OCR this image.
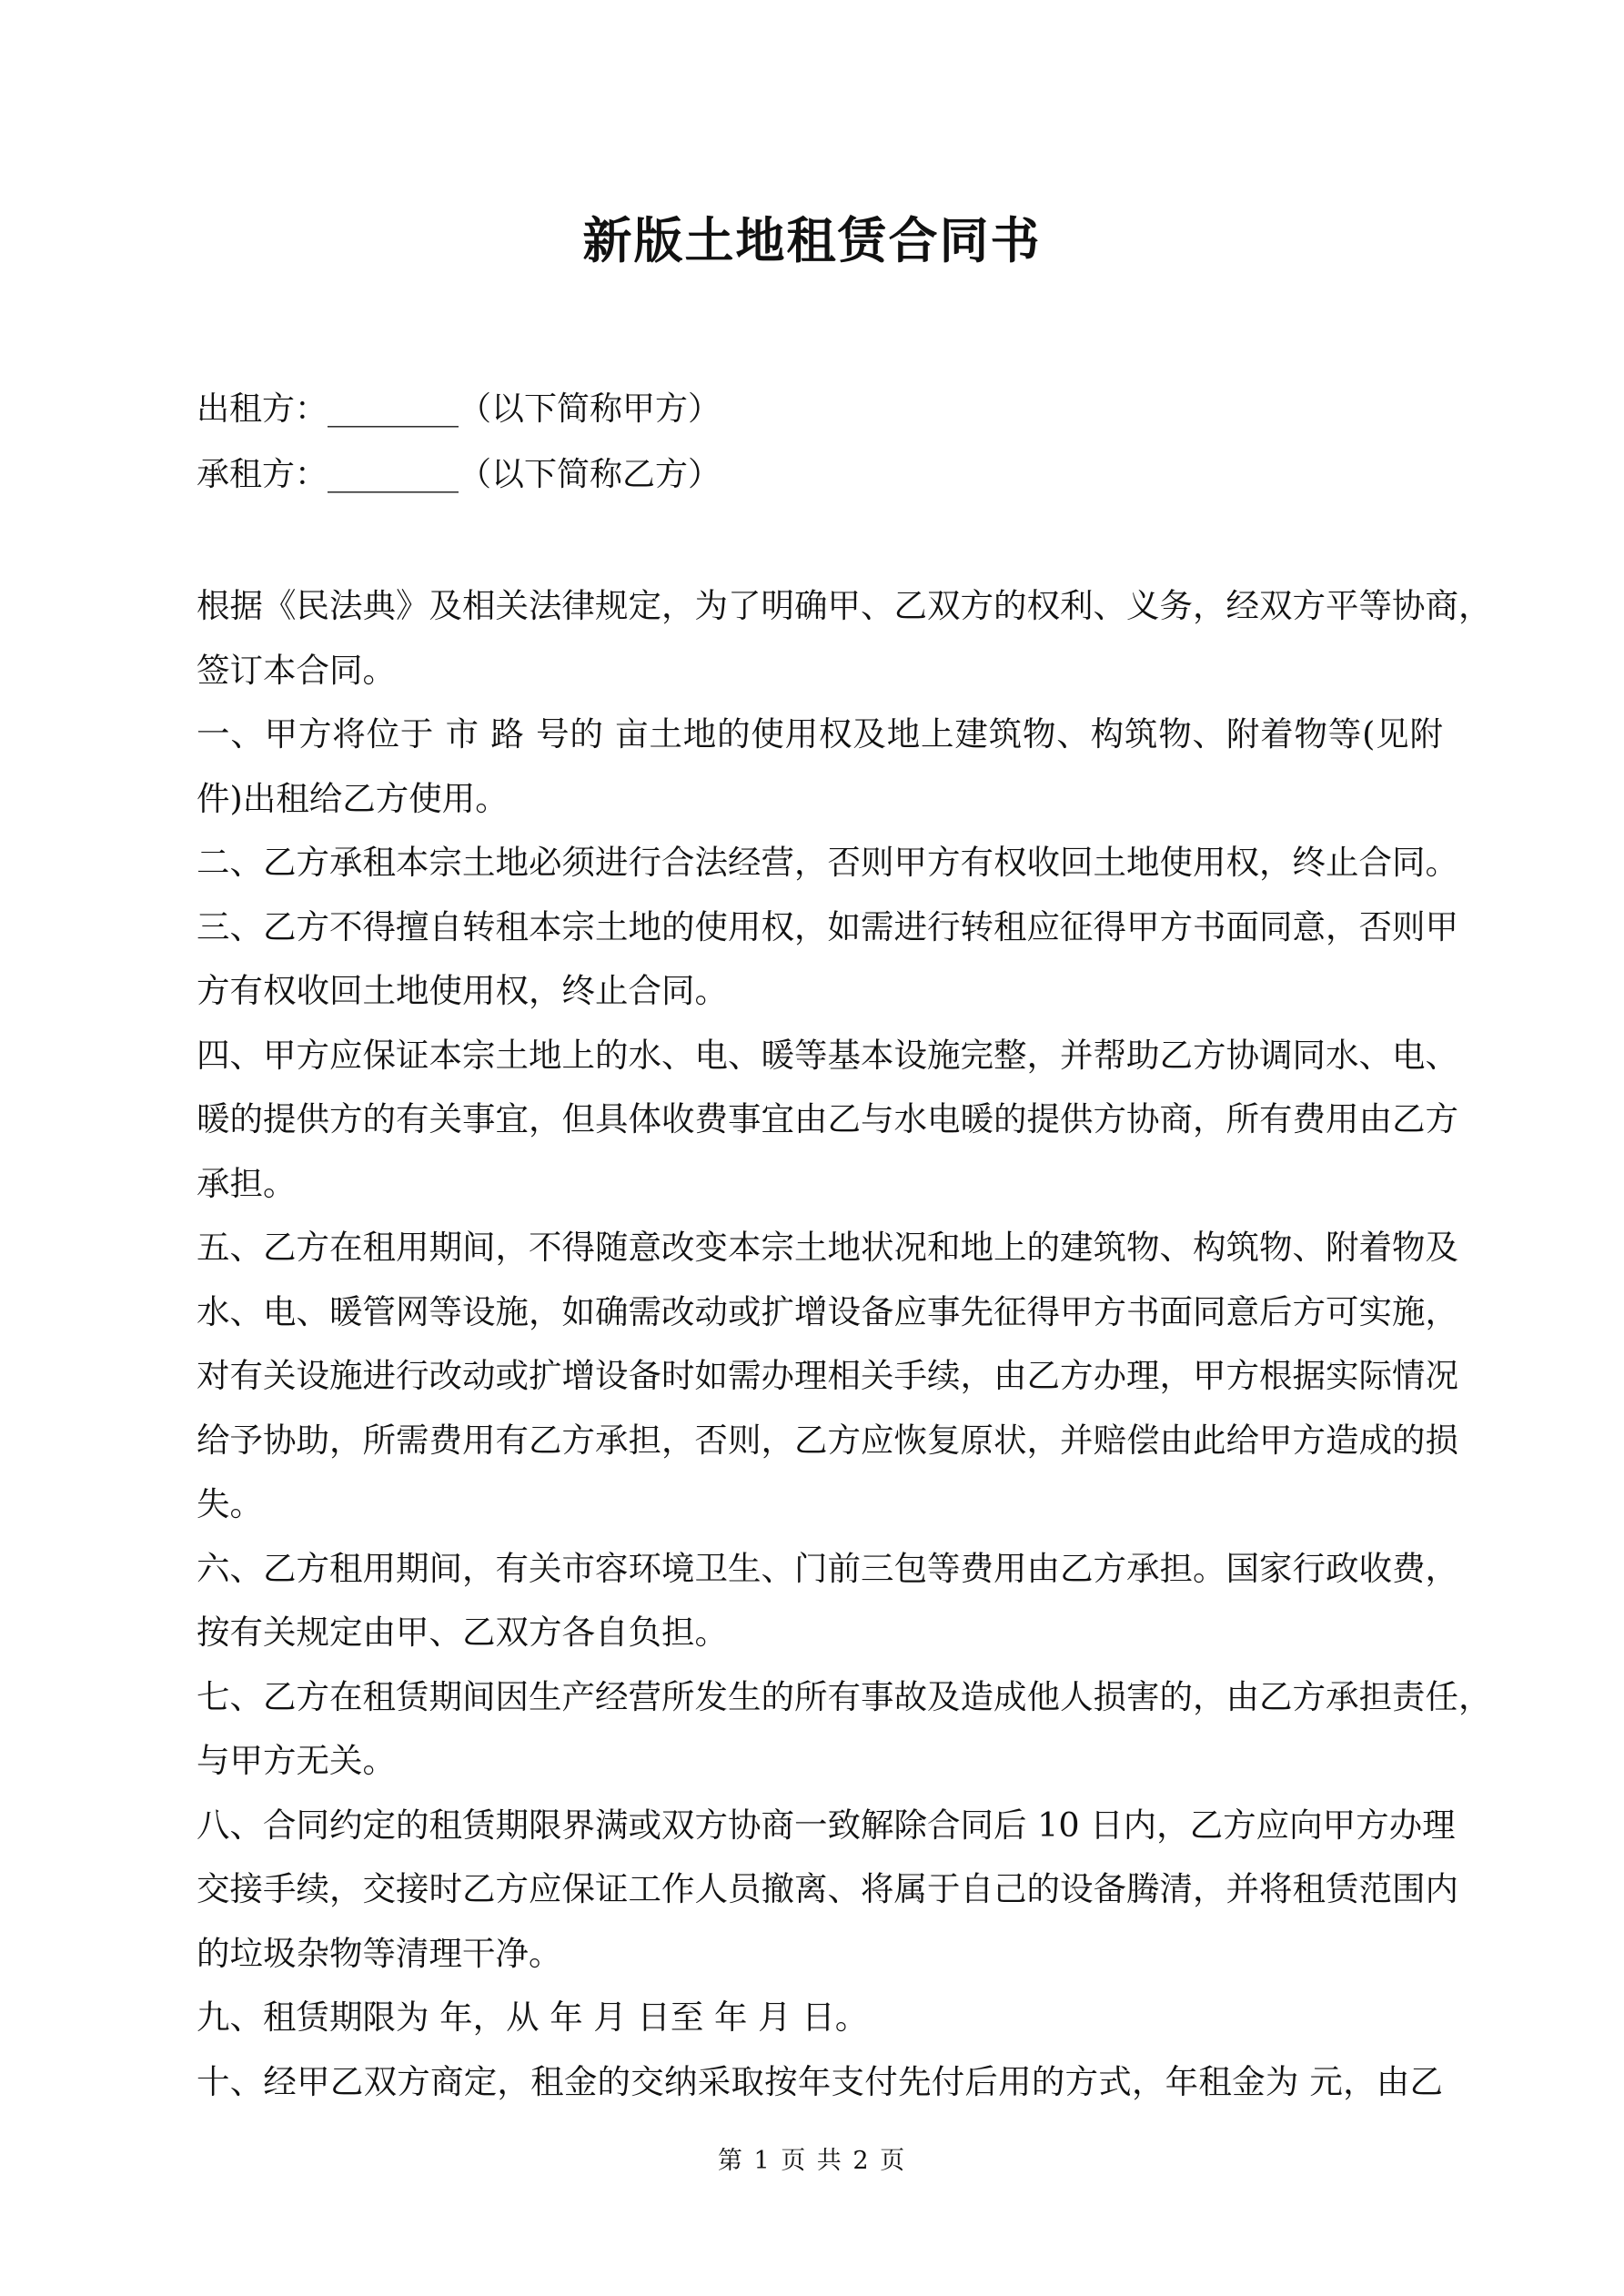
新版土地租赁合同书
出租方：________（以下简称甲方）
承租方：________（以下简称乙方）
根据《民法典》及相关法律规定，为了明确甲、乙双方的权利、义务，经双方平等协商，
签订本合同。
一、甲方将位于 市 路 号的 亩土地的使用权及地上建筑物、构筑物、附着物等(见附
件)出租给乙方使用。
二、乙方承租本宗土地必须进行合法经营，否则甲方有权收回土地使用权，终止合同。
三、乙方不得擅自转租本宗土地的使用权，如需进行转租应征得甲方书面同意，否则甲
方有权收回土地使用权，终止合同。
四、甲方应保证本宗土地上的水、电、暖等基本设施完整，并帮助乙方协调同水、电、
暖的提供方的有关事宜，但具体收费事宜由乙与水电暖的提供方协商，所有费用由乙方
承担。
五、乙方在租用期间，不得随意改变本宗土地状况和地上的建筑物、构筑物、附着物及
水、电、暖管网等设施，如确需改动或扩增设备应事先征得甲方书面同意后方可实施，
对有关设施进行改动或扩增设备时如需办理相关手续，由乙方办理，甲方根据实际情况
给予协助，所需费用有乙方承担，否则，乙方应恢复原状，并赔偿由此给甲方造成的损
失。
六、乙方租用期间，有关市容环境卫生、门前三包等费用由乙方承担。国家行政收费，
按有关规定由甲、乙双方各自负担。
七、乙方在租赁期间因生产经营所发生的所有事故及造成他人损害的，由乙方承担责任，
与甲方无关。
八、合同约定的租赁期限界满或双方协商一致解除合同后 10 日内，乙方应向甲方办理
交接手续，交接时乙方应保证工作人员撤离、将属于自己的设备腾清，并将租赁范围内
的垃圾杂物等清理干净。
九、租赁期限为 年，从 年 月 日至 年 月 日。
十、经甲乙双方商定，租金的交纳采取按年支付先付后用的方式，年租金为 元，由乙
第 1 页 共 2 页
